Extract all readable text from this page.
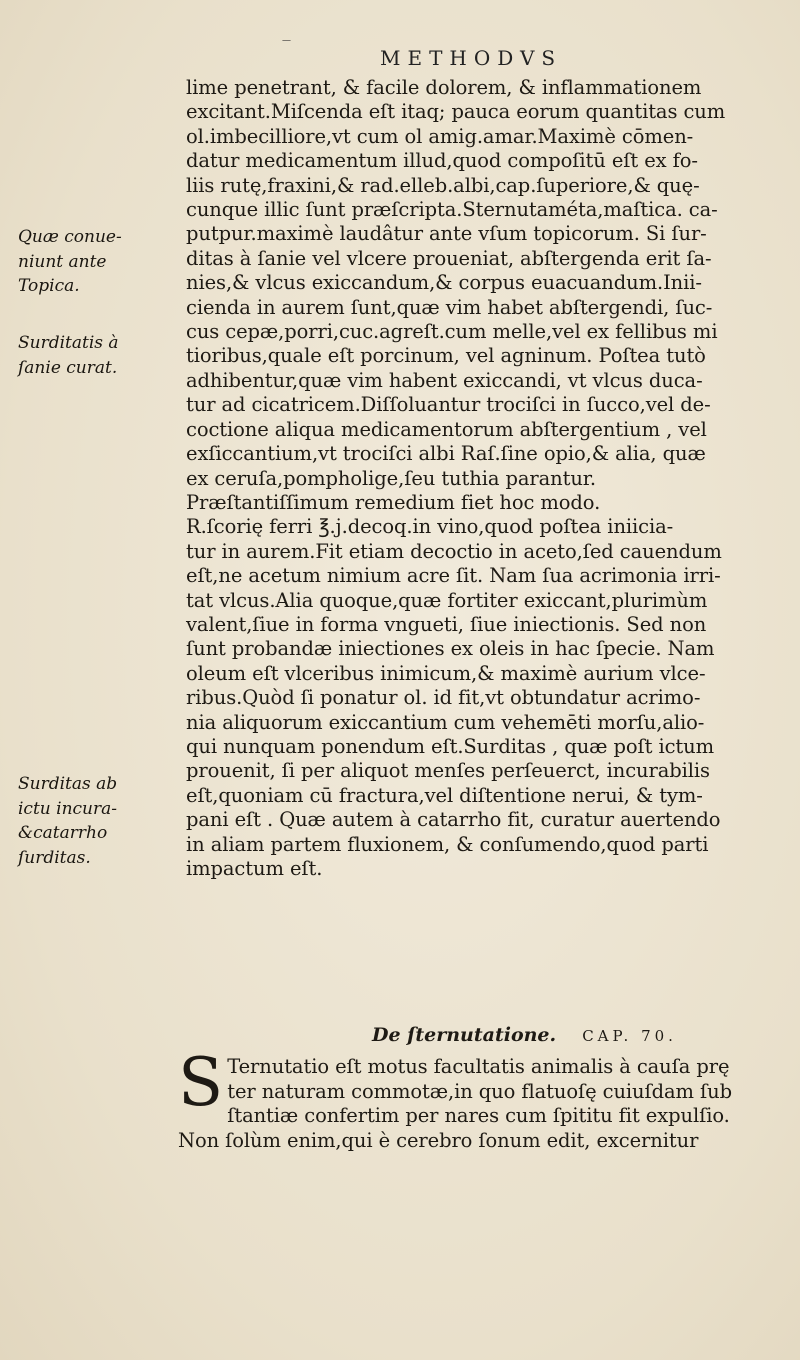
—
METHODVS
Quæ conue-
niunt ante
Topica.
Surditatis à
ſanie curat.
Surditas ab
ictu incura-
&catarrho
ſurditas.
lime penetrant, & facile dolorem, & inflammationem
excitant.Miſcenda eſt itaq; pauca eorum quantitas cum
ol.imbecilliore,vt cum ol amig.amar.Maximè cōmen-
datur medicamentum illud,quod compoſitū eſt ex fo-
liis rutę,fraxini,& rad.elleb.albi,cap.ſuperiore,& quę-
cunque illic ſunt præſcripta.Sternutaméta,maſtica. ca-
putpur.maximè laudâtur ante vſum topicorum. Si ſur-
ditas à ſanie vel vlcere proueniat, abſtergenda erit ſa-
nies,& vlcus exiccandum,& corpus euacuandum.Inii-
cienda in aurem ſunt,quæ vim habet abſtergendi, ſuc-
cus cepæ,porri,cuc.agreſt.cum melle,vel ex fellibus mi
tioribus,quale eſt porcinum, vel agninum. Poſtea tutò
adhibentur,quæ vim habent exiccandi, vt vlcus duca-
tur ad cicatricem.Diſſoluantur trociſci in ſucco,vel de-
coctione aliqua medicamentorum abſtergentium , vel
exſiccantium,vt trociſci albi Raſ.ſine opio,& alia, quæ
ex ceruſa,pompholige,ſeu tuthia parantur.
Præſtantiſſimum remedium fiet hoc modo.
R.ſcorię ferri ℥.j.decoq.in vino,quod poſtea iniicia-
tur in aurem.Fit etiam decoctio in aceto,ſed cauendum
eſt,ne acetum nimium acre ſit. Nam ſua acrimonia irri-
tat vlcus.Alia quoque,quæ fortiter exiccant,plurimùm
valent,ſiue in forma vngueti, ſiue iniectionis. Sed non
ſunt probandæ iniectiones ex oleis in hac ſpecie. Nam
oleum eſt vlceribus inimicum,& maximè aurium vlce-
ribus.Quòd ſi ponatur ol. id fit,vt obtundatur acrimo-
nia aliquorum exiccantium cum vehemēti morſu,alio-
qui nunquam ponendum eſt.Surditas , quæ poſt ictum
prouenit, ſi per aliquot menſes perſeuerct, incurabilis
eſt,quoniam cū fractura,vel diſtentione nerui, & tym-
pani eſt . Quæ autem à catarrho fit, curatur auertendo
in aliam partem fluxionem, & conſumendo,quod parti
impactum eſt.
De ſternutatione. CAP. 70.
S Ternutatio eſt motus facultatis animalis à cauſa prę
ter naturam commotæ,in quo flatuoſę cuiuſdam ſub
ſtantiæ confertim per nares cum ſpititu fit expulſio.
Non ſolùm enim,qui è cerebro ſonum edit, excernitur
